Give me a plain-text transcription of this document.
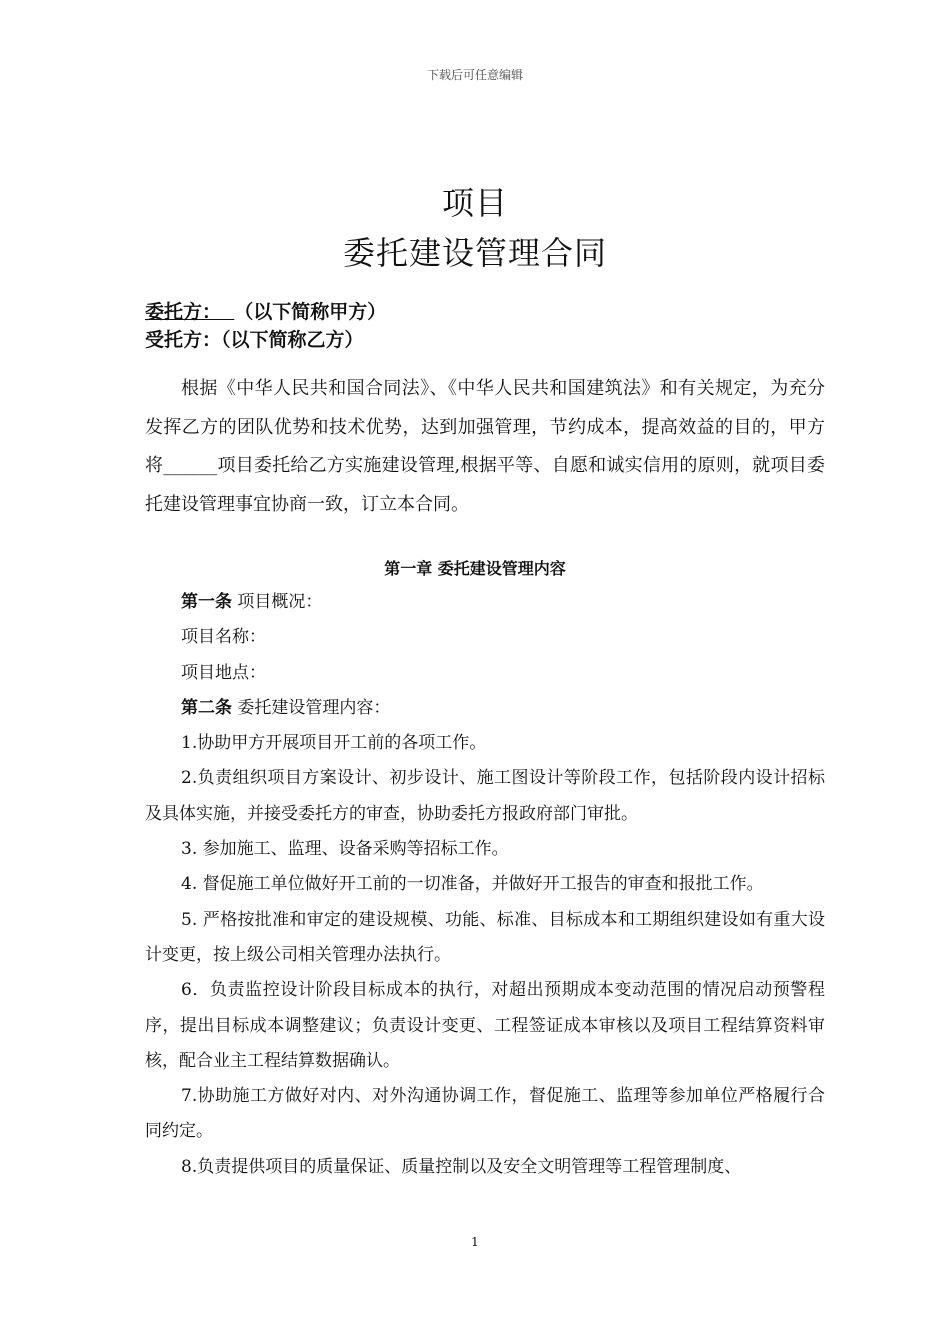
下载后可任意编辑
项目
委托建设管理合同
委托方： （以下简称甲方）
受托方：（以下简称乙方）
根据《中华人民共和国合同法》、《中华人民共和国建筑法》和有关规定，为充分发挥乙方的团队优势和技术优势，达到加强管理，节约成本，提高效益的目的，甲方将______项目委托给乙方实施建设管理,根据平等、自愿和诚实信用的原则，就项目委托建设管理事宜协商一致，订立本合同。
第一章 委托建设管理内容
第一条 项目概况：
项目名称：
项目地点：
第二条 委托建设管理内容：
1.协助甲方开展项目开工前的各项工作。
2.负责组织项目方案设计、初步设计、施工图设计等阶段工作，包括阶段内设计招标及具体实施，并接受委托方的审查，协助委托方报政府部门审批。
3. 参加施工、监理、设备采购等招标工作。
4. 督促施工单位做好开工前的一切准备，并做好开工报告的审查和报批工作。
5. 严格按批准和审定的建设规模、功能、标准、目标成本和工期组织建设如有重大设计变更，按上级公司相关管理办法执行。
6．负责监控设计阶段目标成本的执行，对超出预期成本变动范围的情况启动预警程序，提出目标成本调整建议；负责设计变更、工程签证成本审核以及项目工程结算资料审核，配合业主工程结算数据确认。
7.协助施工方做好对内、对外沟通协调工作，督促施工、监理等参加单位严格履行合同约定。
8.负责提供项目的质量保证、质量控制以及安全文明管理等工程管理制度、
1
